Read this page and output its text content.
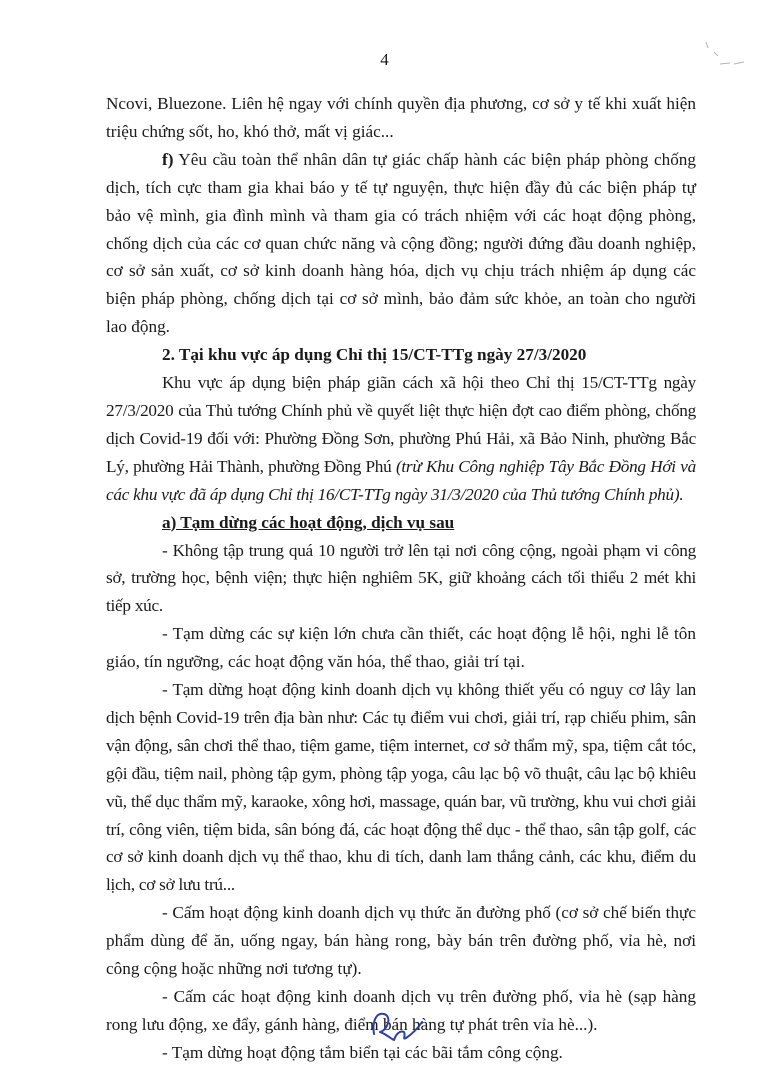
4

Ncovi, Bluezone. Liên hệ ngay với chính quyền địa phương, cơ sở y tế khi xuất hiện triệu chứng sốt, ho, khó thở, mất vị giác...

f) Yêu cầu toàn thể nhân dân tự giác chấp hành các biện pháp phòng chống dịch, tích cực tham gia khai báo y tế tự nguyện, thực hiện đầy đủ các biện pháp tự bảo vệ mình, gia đình mình và tham gia có trách nhiệm với các hoạt động phòng, chống dịch của các cơ quan chức năng và cộng đồng; người đứng đầu doanh nghiệp, cơ sở sản xuất, cơ sở kinh doanh hàng hóa, dịch vụ chịu trách nhiệm áp dụng các biện pháp phòng, chống dịch tại cơ sở mình, bảo đảm sức khỏe, an toàn cho người lao động.

2. Tại khu vực áp dụng Chỉ thị 15/CT-TTg ngày 27/3/2020

Khu vực áp dụng biện pháp giãn cách xã hội theo Chỉ thị 15/CT-TTg ngày 27/3/2020 của Thủ tướng Chính phủ về quyết liệt thực hiện đợt cao điểm phòng, chống dịch Covid-19 đối với: Phường Đồng Sơn, phường Phú Hải, xã Bảo Ninh, phường Bắc Lý, phường Hải Thành, phường Đồng Phú (trừ Khu Công nghiệp Tây Bắc Đồng Hới và các khu vực đã áp dụng Chỉ thị 16/CT-TTg ngày 31/3/2020 của Thủ tướng Chính phủ).

a) Tạm dừng các hoạt động, dịch vụ sau

- Không tập trung quá 10 người trở lên tại nơi công cộng, ngoài phạm vi công sở, trường học, bệnh viện; thực hiện nghiêm 5K, giữ khoảng cách tối thiểu 2 mét khi tiếp xúc.

- Tạm dừng các sự kiện lớn chưa cần thiết, các hoạt động lễ hội, nghi lễ tôn giáo, tín ngưỡng, các hoạt động văn hóa, thể thao, giải trí tại.

- Tạm dừng hoạt động kinh doanh dịch vụ không thiết yếu có nguy cơ lây lan dịch bệnh Covid-19 trên địa bàn như: Các tụ điểm vui chơi, giải trí, rạp chiếu phim, sân vận động, sân chơi thể thao, tiệm game, tiệm internet, cơ sở thẩm mỹ, spa, tiệm cắt tóc, gội đầu, tiệm nail, phòng tập gym, phòng tập yoga, câu lạc bộ võ thuật, câu lạc bộ khiêu vũ, thể dục thẩm mỹ, karaoke, xông hơi, massage, quán bar, vũ trường, khu vui chơi giải trí, công viên, tiệm bida, sân bóng đá, các hoạt động thể dục - thể thao, sân tập golf, các cơ sở kinh doanh dịch vụ thể thao, khu di tích, danh lam thắng cảnh, các khu, điểm du lịch, cơ sở lưu trú...

- Cấm hoạt động kinh doanh dịch vụ thức ăn đường phố (cơ sở chế biến thực phẩm dùng để ăn, uống ngay, bán hàng rong, bày bán trên đường phố, vỉa hè, nơi công cộng hoặc những nơi tương tự).

- Cấm các hoạt động kinh doanh dịch vụ trên đường phố, vỉa hè (sạp hàng rong lưu động, xe đẩy, gánh hàng, điểm bán hàng tự phát trên vỉa hè...).

- Tạm dừng hoạt động tắm biển tại các bãi tắm công cộng.
